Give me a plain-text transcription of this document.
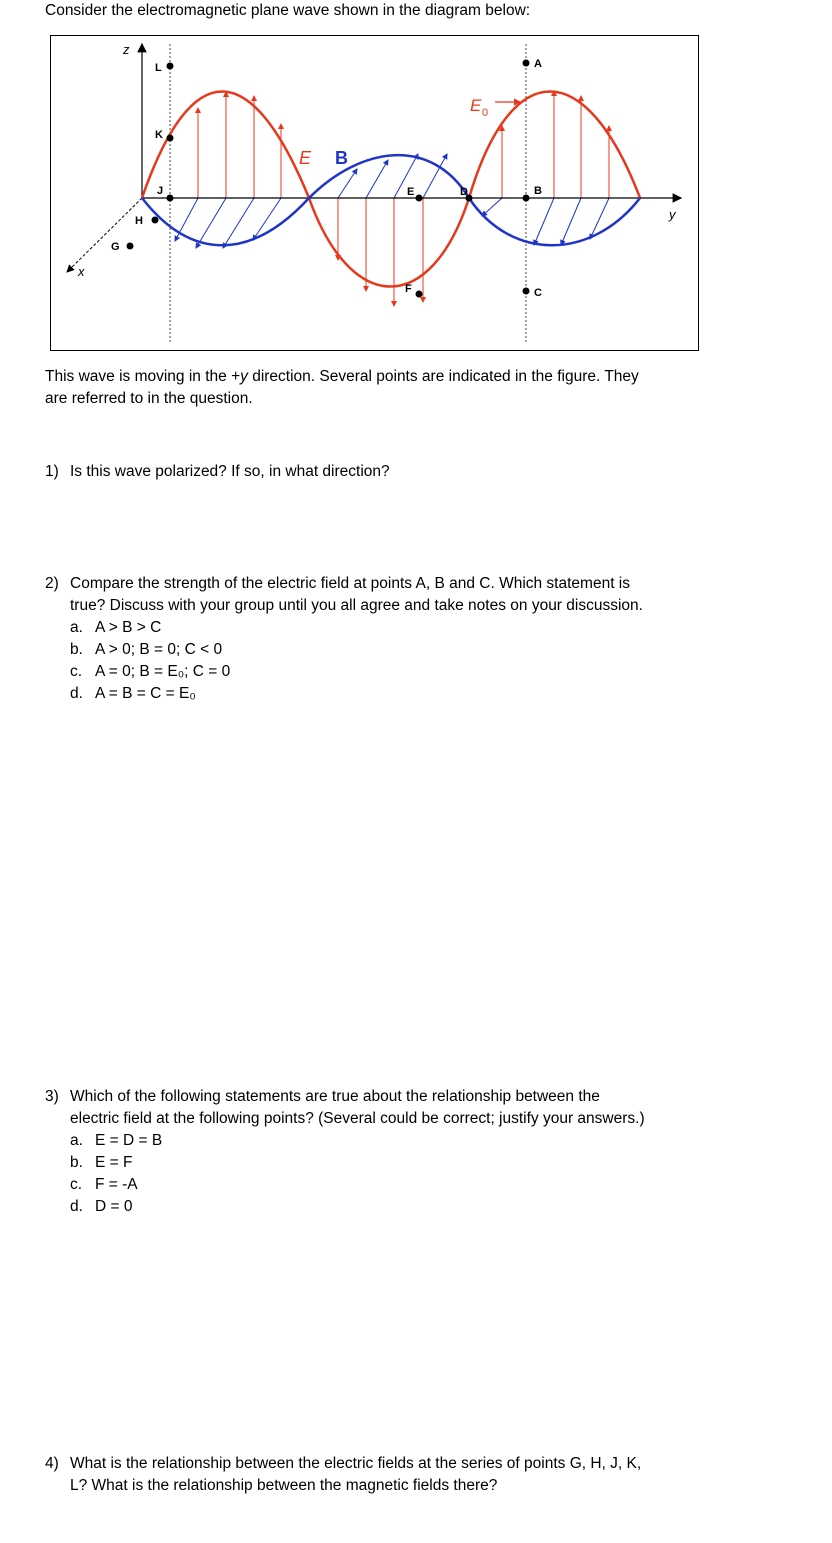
Consider the electromagnetic plane wave shown in the diagram below:

E B
E 0
z
y
x
L
K
J
H
G
A
B
C
D
E
F
This wave is moving in the +y direction. Several points are indicated in the figure. They
are referred to in the question.
1) Is this wave polarized? If so, in what direction?
2) Compare the strength of the electric field at points A, B and C. Which statement is
true? Discuss with your group until you all agree and take notes on your discussion.
a. A > B > C
b. A > 0; B = 0; C < 0
c. A = 0; B = E₀; C = 0
d. A = B = C = E₀
3) Which of the following statements are true about the relationship between the
electric field at the following points? (Several could be correct; justify your answers.)
a. E = D = B
b. E = F
c. F = -A
d. D = 0
4) What is the relationship between the electric fields at the series of points G, H, J, K,
L? What is the relationship between the magnetic fields there?
